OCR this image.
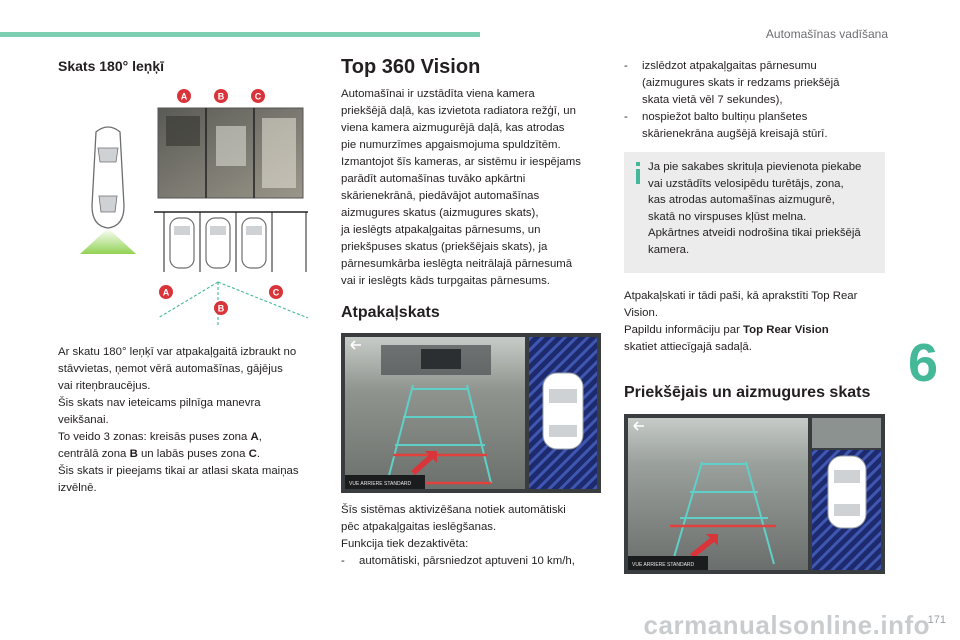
Automašīnas vadīšana
6
carmanualsonline.info
171
Skats 180° leņķī
A	B	C
A
B
C
Ar skatu 180° leņķī var atpakaļgaitā izbraukt no
stāvvietas, ņemot vērā automašīnas, gājējus
vai riteņbraucējus.
Šis skats nav ieteicams pilnīga manevra
veikšanai.
To veido 3 zonas: kreisās puses zona A,
centrālā zona B un labās puses zona C.
Šis skats ir pieejams tikai ar atlasi skata maiņas
izvēlnē.
Top 360 Vision
Automašīnai ir uzstādīta viena kamera
priekšējā daļā, kas izvietota radiatora režģī, un
viena kamera aizmugurējā daļā, kas atrodas
pie numurzīmes apgaismojuma spuldzītēm.
Izmantojot šīs kameras, ar sistēmu ir iespējams
parādīt automašīnas tuvāko apkārtni
skārienekrānā, piedāvājot automašīnas
aizmugures skatus (aizmugures skats),
ja ieslēgts atpakaļgaitas pārnesums, un
priekšpuses skatus (priekšējais skats), ja
pārnesumkārba ieslēgta neitrālajā pārnesumā
vai ir ieslēgts kāds turpgaitas pārnesums.
Atpakaļskats
VUE ARRIERE STANDARD
Šīs sistēmas aktivizēšana notiek automātiski
pēc atpakaļgaitas ieslēgšanas.
Funkcija tiek dezaktivēta:
- automātiski, pārsniedzot aptuveni 10 km/h,
- izslēdzot atpakaļgaitas pārnesumu
(aizmugures skats ir redzams priekšējā
skata vietā vēl 7 sekundes),
- nospiežot balto bultiņu planšetes
skārienekrāna augšējā kreisajā stūrī.
Ja pie sakabes skrituļa pievienota piekabe
vai uzstādīts velosipēdu turētājs, zona,
kas atrodas automašīnas aizmugurē,
skatā no virspuses kļūst melna.
Apkārtnes atveidi nodrošina tikai priekšējā
kamera.
Atpakaļskati ir tādi paši, kā aprakstīti Top Rear
Vision.
Papildu informāciju par Top Rear Vision
skatiet attiecīgajā sadaļā.
Priekšējais un aizmugures skats
VUE ARRIERE STANDARD
